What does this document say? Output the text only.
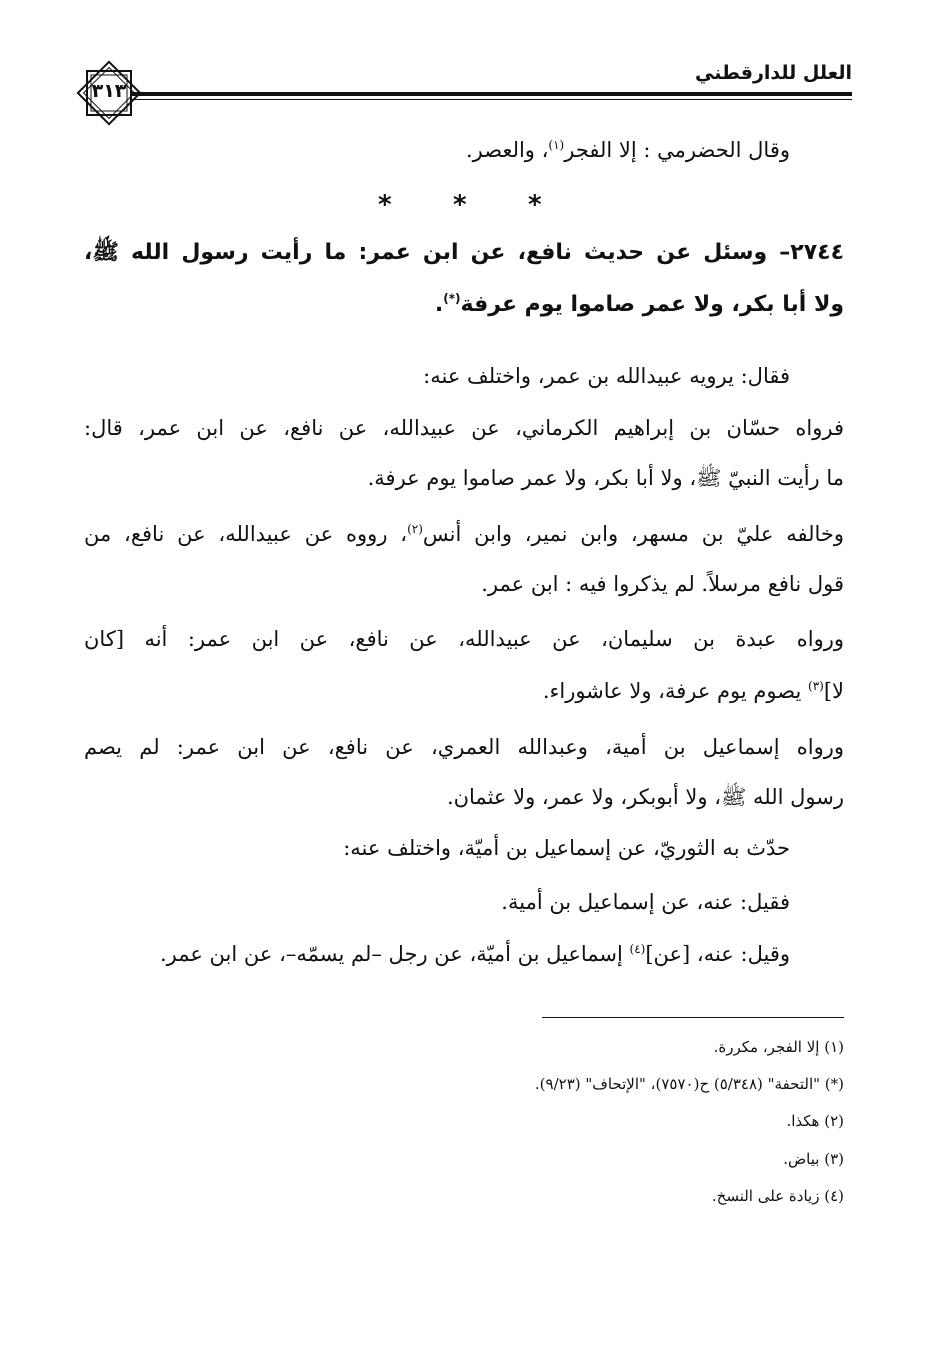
العلل للدارقطني
٣١٣
وقال الحضرمي : إلا الفجر$^{(١)}$، والعصر.
* * *
٢٧٤٤– وسئل عن حديث نافع، عن ابن عمر: ما رأيت رسول الله ﷺ،
ولا أبا بكر، ولا عمر صاموا يوم عرفة(*).
فقال: يرويه عبيدالله بن عمر، واختلف عنه:
فرواه حسّان بن إبراهيم الكرماني، عن عبيدالله، عن نافع، عن ابن عمر، قال:
ما رأيت النبيّ ﷺ، ولا أبا بكر، ولا عمر صاموا يوم عرفة.
وخالفه عليّ بن مسهر، وابن نمير، وابن أنس$^{(٢)}$، رووه عن عبيدالله، عن نافع، من
قول نافع مرسلاً. لم يذكروا فيه : ابن عمر.
ورواه عبدة بن سليمان، عن عبيدالله، عن نافع، عن ابن عمر: أنه [كان
لا]$^{(٣)}$ يصوم يوم عرفة، ولا عاشوراء.
ورواه إسماعيل بن أمية، وعبدالله العمري، عن نافع، عن ابن عمر: لم يصم
رسول الله ﷺ، ولا أبوبكر، ولا عمر، ولا عثمان.
حدّث به الثوريّ، عن إسماعيل بن أميّة، واختلف عنه:
فقيل: عنه، عن إسماعيل بن أمية.
وقيل: عنه، [عن]$^{(٤)}$ إسماعيل بن أميّة، عن رجل –لم يسمّه–، عن ابن عمر.
(١) إلا الفجر، مكررة.
(*) "التحفة" (٥/٣٤٨) ح(٧٥٧٠)، "الإتحاف" (٩/٢٣).
(٢) هكذا.
(٣) بياض.
(٤) زيادة على النسخ.
